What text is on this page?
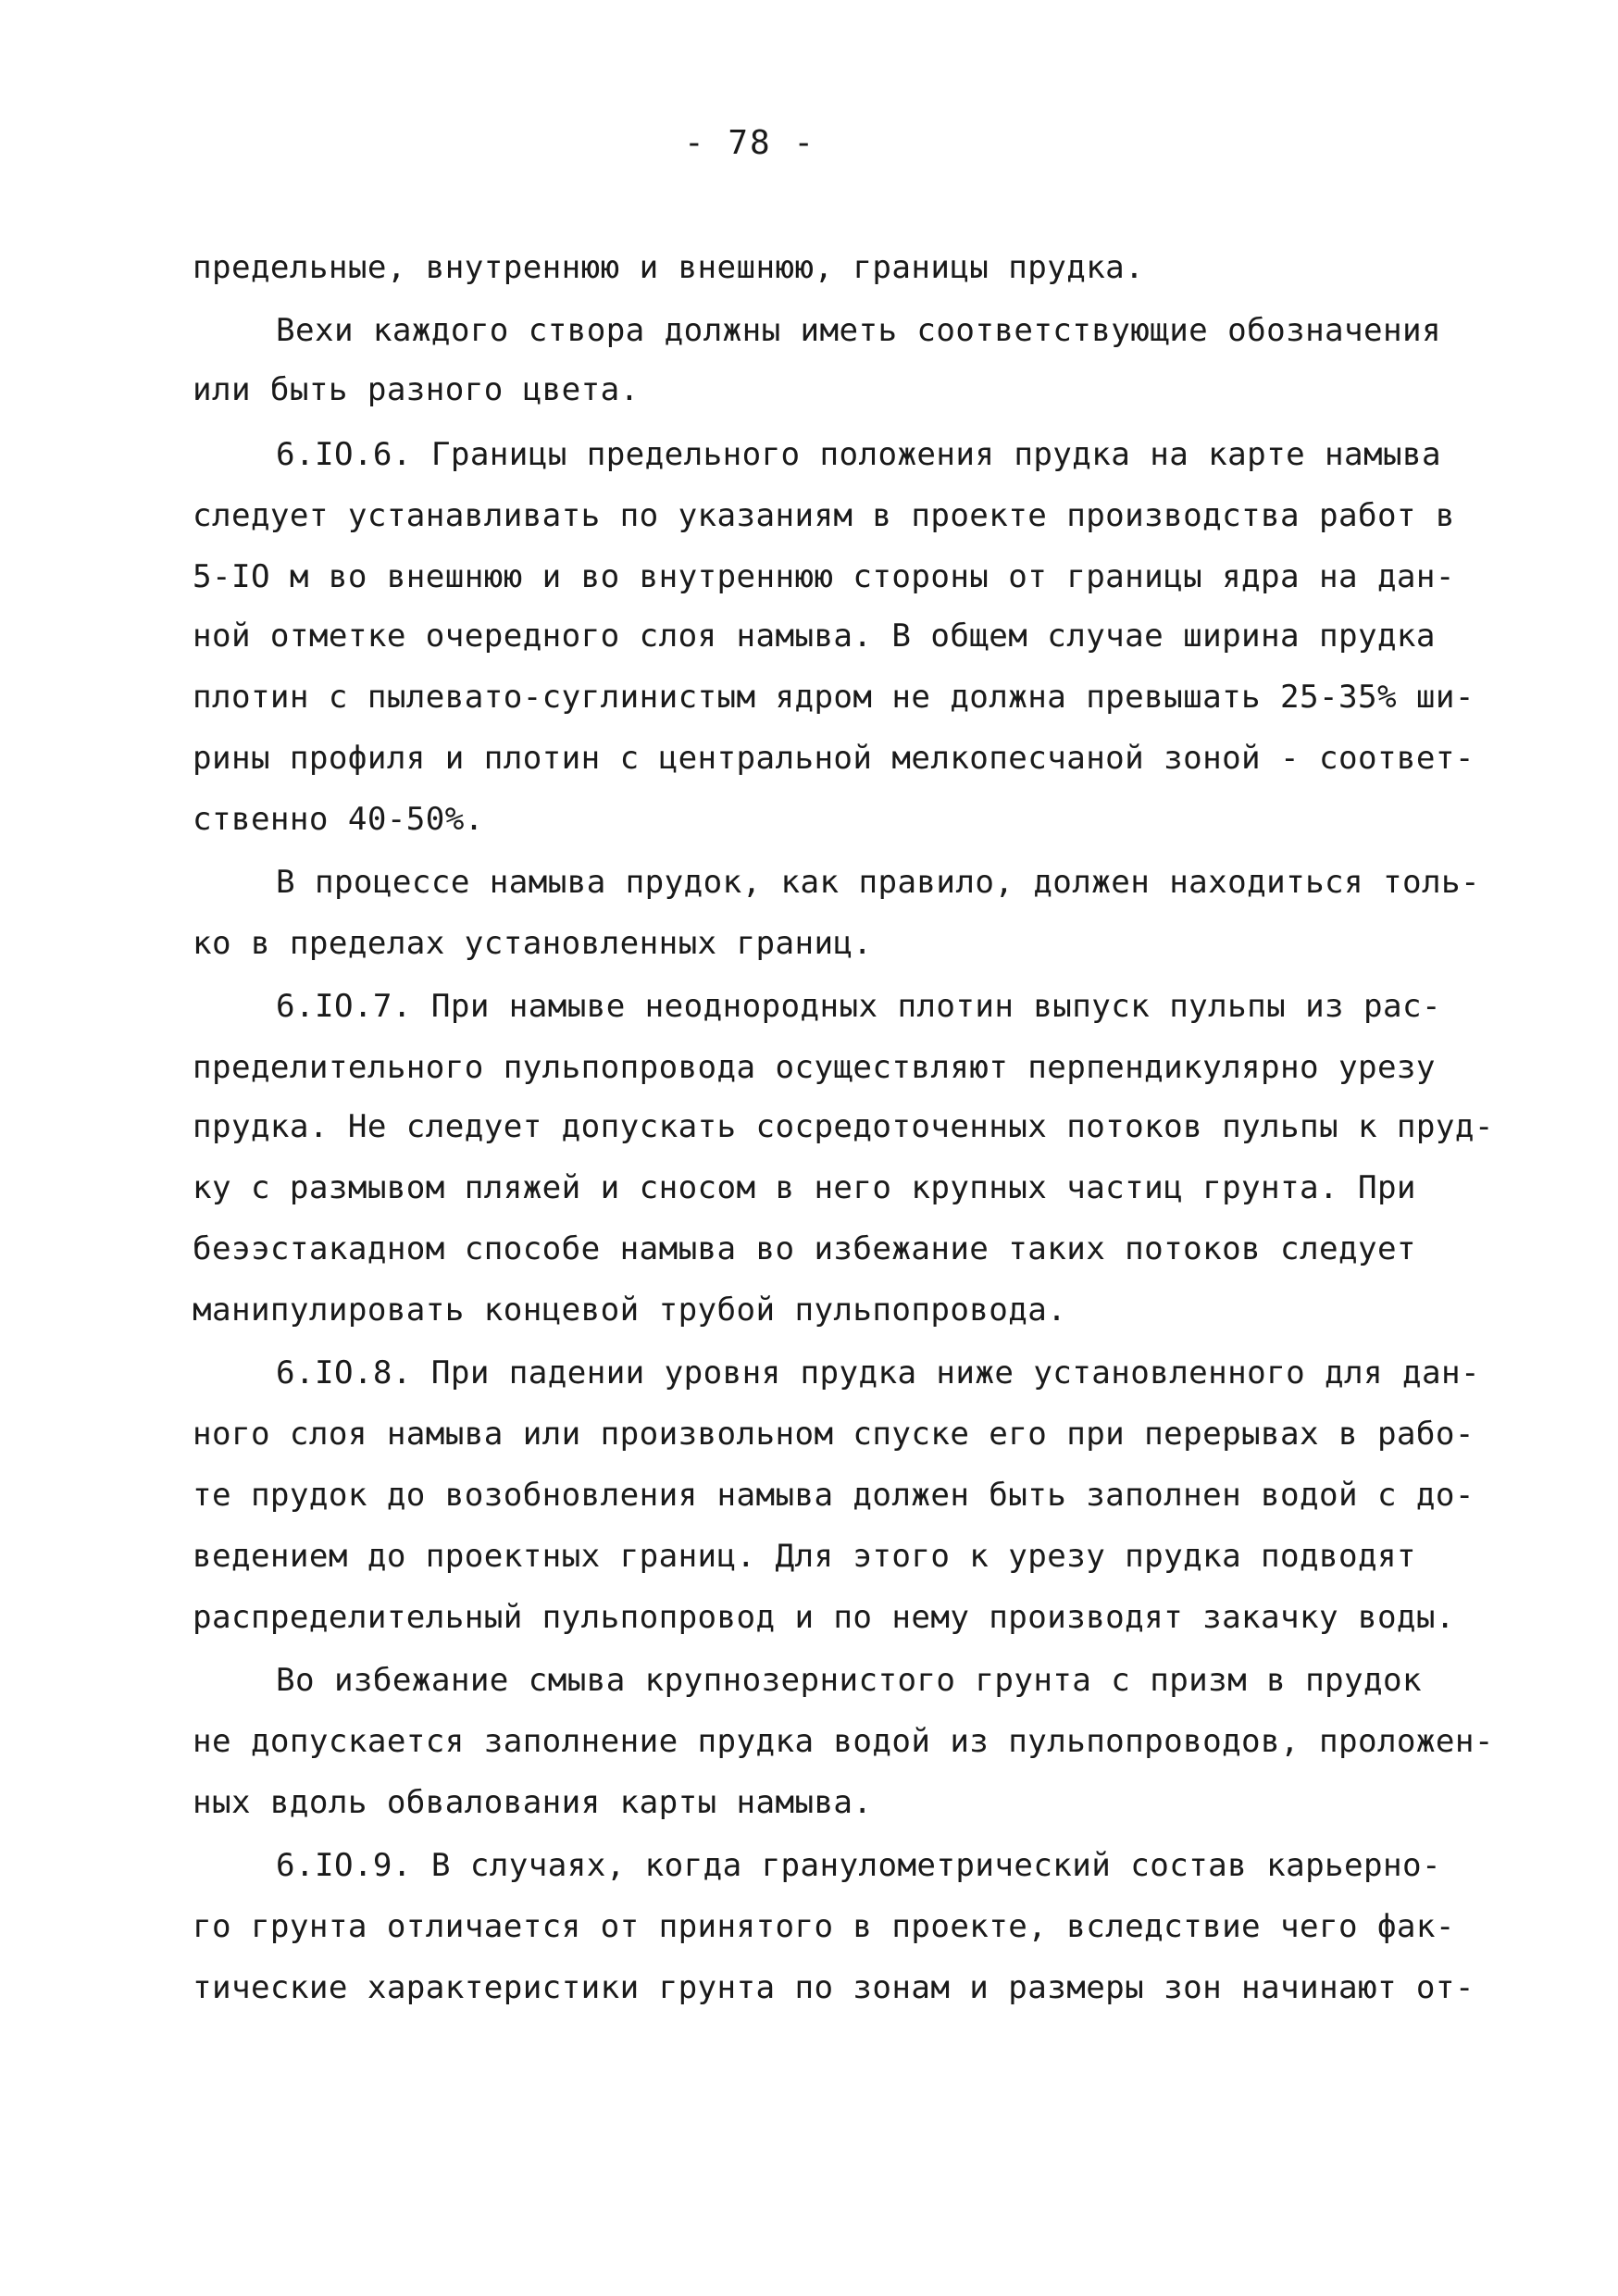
- 78 -
предельные, внутреннюю и внешнюю, границы прудка.
Вехи каждого створа должны иметь соответствующие обозначения
или быть разного цвета.
6.IO.6. Границы предельного положения прудка на карте намыва
следует устанавливать по указаниям в проекте производства работ в
5-IO м во внешнюю и во внутреннюю стороны от границы ядра на дан-
ной отметке очередного слоя намыва. В общем случае ширина прудка
плотин с пылевато-суглинистым ядром не должна превышать 25-35% ши-
рины профиля и плотин с центральной мелкопесчаной зоной - соответ-
ственно 40-50%.
В процессе намыва прудок, как правило, должен находиться толь-
ко в пределах установленных границ.
6.IO.7. При намыве неоднородных плотин выпуск пульпы из рас-
пределительного пульпопровода осуществляют перпендикулярно урезу
прудка. Не следует допускать сосредоточенных потоков пульпы к пруд-
ку с размывом пляжей и сносом в него крупных частиц грунта. При
беээстакадном способе намыва во избежание таких потоков следует
манипулировать концевой трубой пульпопровода.
6.IO.8. При падении уровня прудка ниже установленного для дан-
ного слоя намыва или произвольном спуске его при перерывах в рабо-
те прудок до возобновления намыва должен быть заполнен водой с до-
ведением до проектных границ. Для этого к урезу прудка подводят
распределительный пульпопровод и по нему производят закачку воды.
Во избежание смыва крупнозернистого грунта с призм в прудок
не допускается заполнение прудка водой из пульпопроводов, проложен-
ных вдоль обвалования карты намыва.
6.IO.9. В случаях, когда гранулометрический состав карьерно-
го грунта отличается от принятого в проекте, вследствие чего фак-
тические характеристики грунта по зонам и размеры зон начинают от-
